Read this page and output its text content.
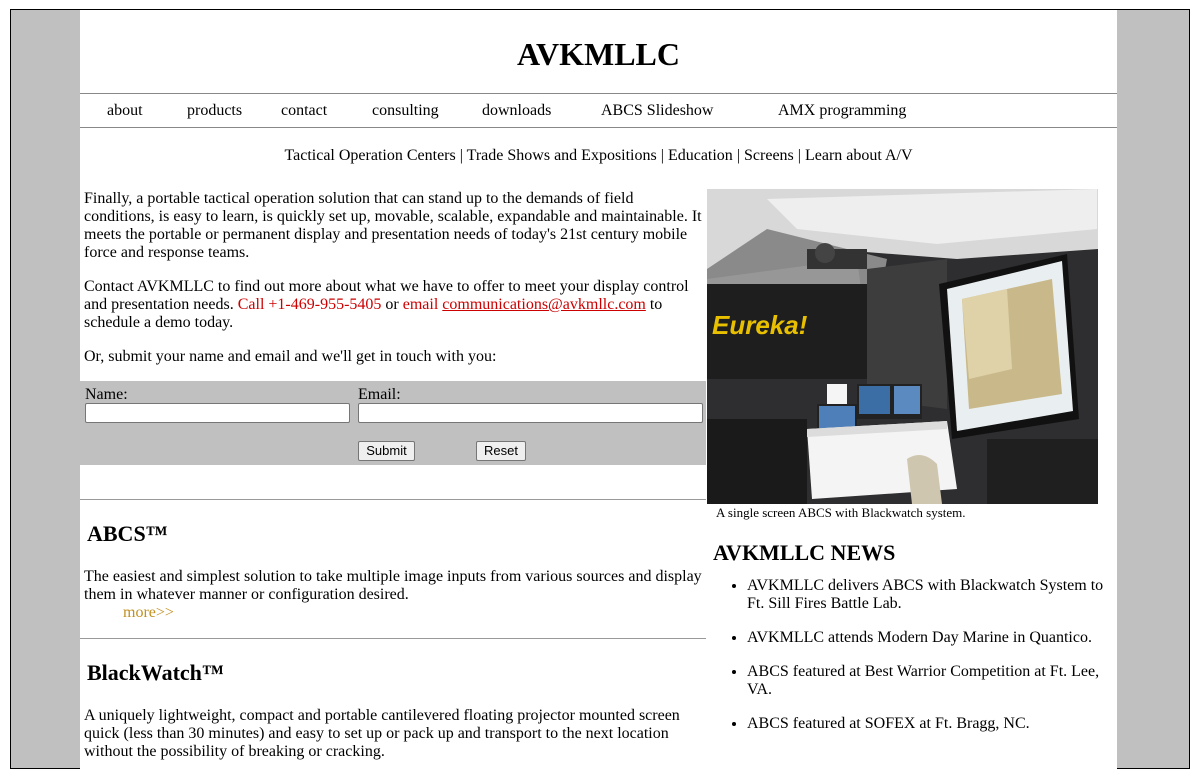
AVKMLLC
about	products contact	consulting	downloads	ABCS Slideshow	AMX programming
Tactical Operation Centers | Trade Shows and Expositions | Education | Screens | Learn about A/V

Finally, a portable tactical operation solution that can stand up to the demands of field conditions, is easy to learn, is quickly set up, movable, scalable, expandable and maintainable. It meets the portable or permanent display and presentation needs of today's 21st century mobile force and response teams.

Contact AVKMLLC to find out more about what we have to offer to meet your display control and presentation needs. Call +1-469-955-5405 or email communications@avkmllc.com to schedule a demo today.

Or, submit your name and email and we'll get in touch with you:

Name:	Email:
Submit	Reset
ABCS™

The easiest and simplest solution to take multiple image inputs from various sources and display them in whatever manner or configuration desired.

more>>
BlackWatch™

A uniquely lightweight, compact and portable cantilevered floating projector mounted screen quick (less than 30 minutes) and easy to set up or pack up and transport to the next location without the possibility of breaking or cracking.

Eureka!
A single screen ABCS with Blackwatch system.
AVKMLLC NEWS
• AVKMLLC delivers ABCS with Blackwatch System to Ft. Sill Fires Battle Lab.
• AVKMLLC attends Modern Day Marine in Quantico.
• ABCS featured at Best Warrior Competition at Ft. Lee, VA.
• ABCS featured at SOFEX at Ft. Bragg, NC.
